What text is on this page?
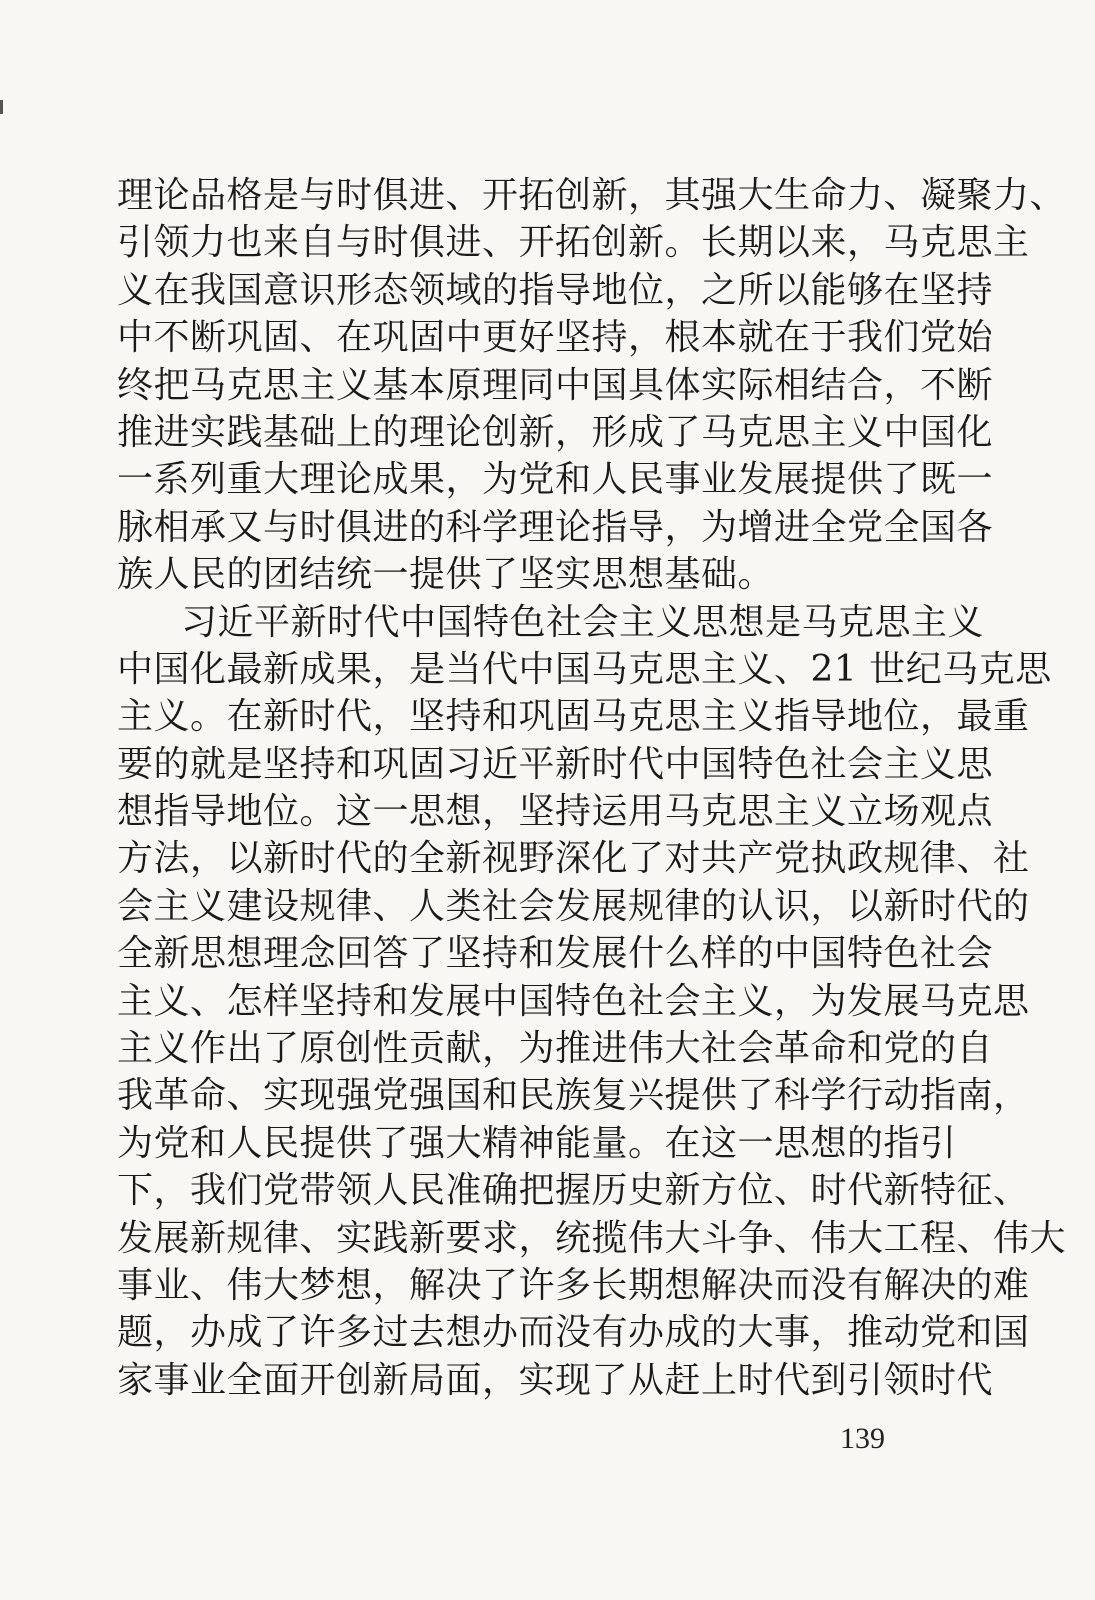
理论品格是与时俱进、开拓创新，其强大生命力、凝聚力、
引领力也来自与时俱进、开拓创新。长期以来，马克思主
义在我国意识形态领域的指导地位，之所以能够在坚持
中不断巩固、在巩固中更好坚持，根本就在于我们党始
终把马克思主义基本原理同中国具体实际相结合，不断
推进实践基础上的理论创新，形成了马克思主义中国化
一系列重大理论成果，为党和人民事业发展提供了既一
脉相承又与时俱进的科学理论指导，为增进全党全国各
族人民的团结统一提供了坚实思想基础。
习近平新时代中国特色社会主义思想是马克思主义
中国化最新成果，是当代中国马克思主义、21 世纪马克思
主义。在新时代，坚持和巩固马克思主义指导地位，最重
要的就是坚持和巩固习近平新时代中国特色社会主义思
想指导地位。这一思想，坚持运用马克思主义立场观点
方法，以新时代的全新视野深化了对共产党执政规律、社
会主义建设规律、人类社会发展规律的认识，以新时代的
全新思想理念回答了坚持和发展什么样的中国特色社会
主义、怎样坚持和发展中国特色社会主义，为发展马克思
主义作出了原创性贡献，为推进伟大社会革命和党的自
我革命、实现强党强国和民族复兴提供了科学行动指南，
为党和人民提供了强大精神能量。在这一思想的指引
下，我们党带领人民准确把握历史新方位、时代新特征、
发展新规律、实践新要求，统揽伟大斗争、伟大工程、伟大
事业、伟大梦想，解决了许多长期想解决而没有解决的难
题，办成了许多过去想办而没有办成的大事，推动党和国
家事业全面开创新局面，实现了从赶上时代到引领时代
139
